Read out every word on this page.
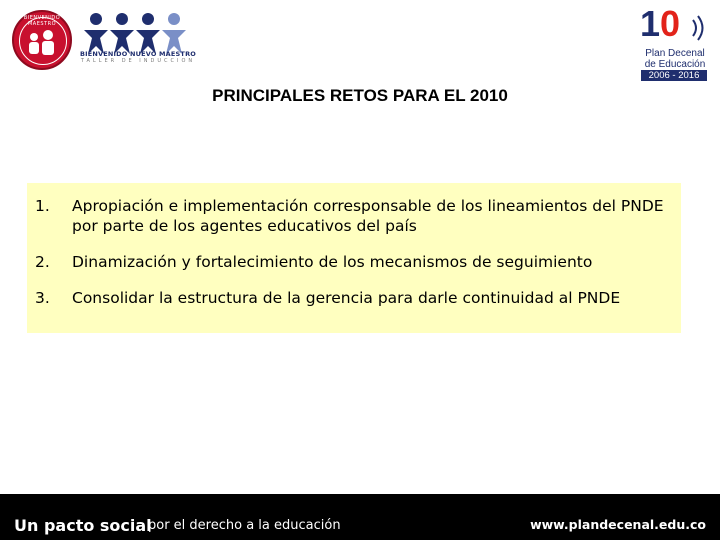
BIENVENIDO MAESTRO
BIENVENIDO NUEVO MAESTRO
TALLER DE INDUCCION
10
Plan Decenal
de Educación
2006 - 2016
PRINCIPALES RETOS PARA EL 2010
1.	Apropiación e implementación corresponsable de los lineamientos del PNDE por parte de los agentes educativos del país
2.	Dinamización y fortalecimiento de los mecanismos de seguimiento
3.	Consolidar la estructura de la gerencia para darle continuidad al PNDE
Un pacto social
por el derecho a la educación	www.plandecenal.edu.co
